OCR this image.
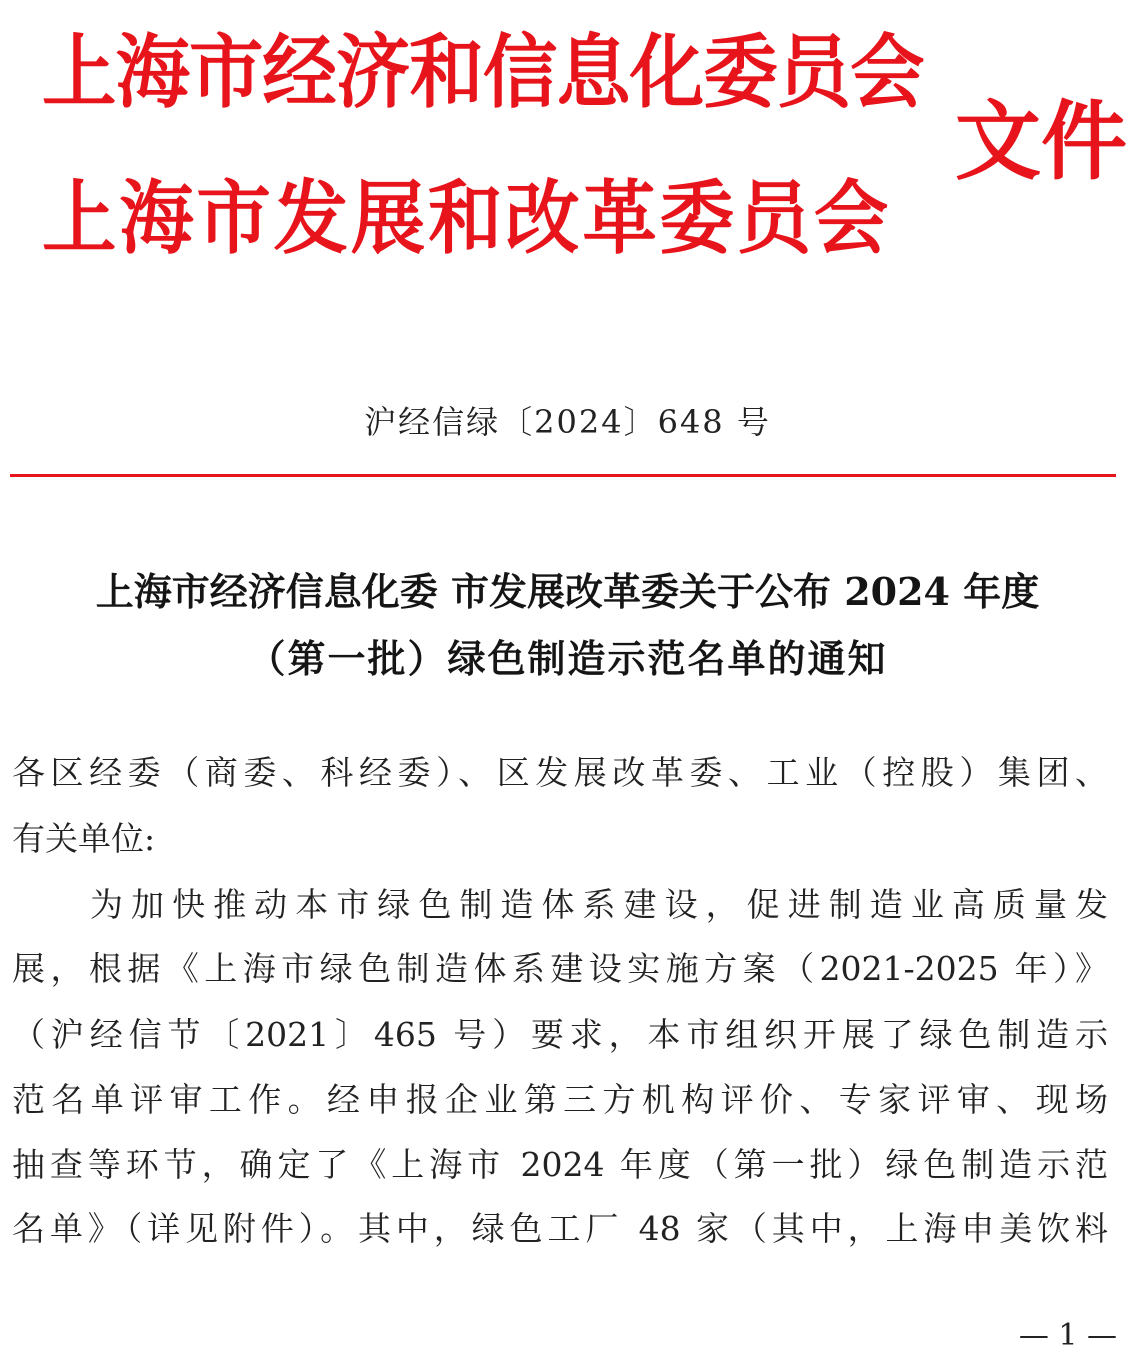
上海市经济和信息化委员会
上海市发展和改革委员会
文件
沪经信绿〔2024〕648 号
上海市经济信息化委 市发展改革委关于公布 2024 年度
（第一批）绿色制造示范名单的通知
各区经委（商委、科经委）、区发展改革委、工业（控股）集团、
有关单位:
为加快推动本市绿色制造体系建设，促进制造业高质量发
展，根据《上海市绿色制造体系建设实施方案（2021-2025 年）》
（沪经信节〔2021〕465 号）要求，本市组织开展了绿色制造示
范名单评审工作。经申报企业第三方机构评价、专家评审、现场
抽查等环节，确定了《上海市 2024 年度（第一批）绿色制造示范
名单》（详见附件）。其中，绿色工厂 48 家（其中，上海申美饮料
— 1 —
